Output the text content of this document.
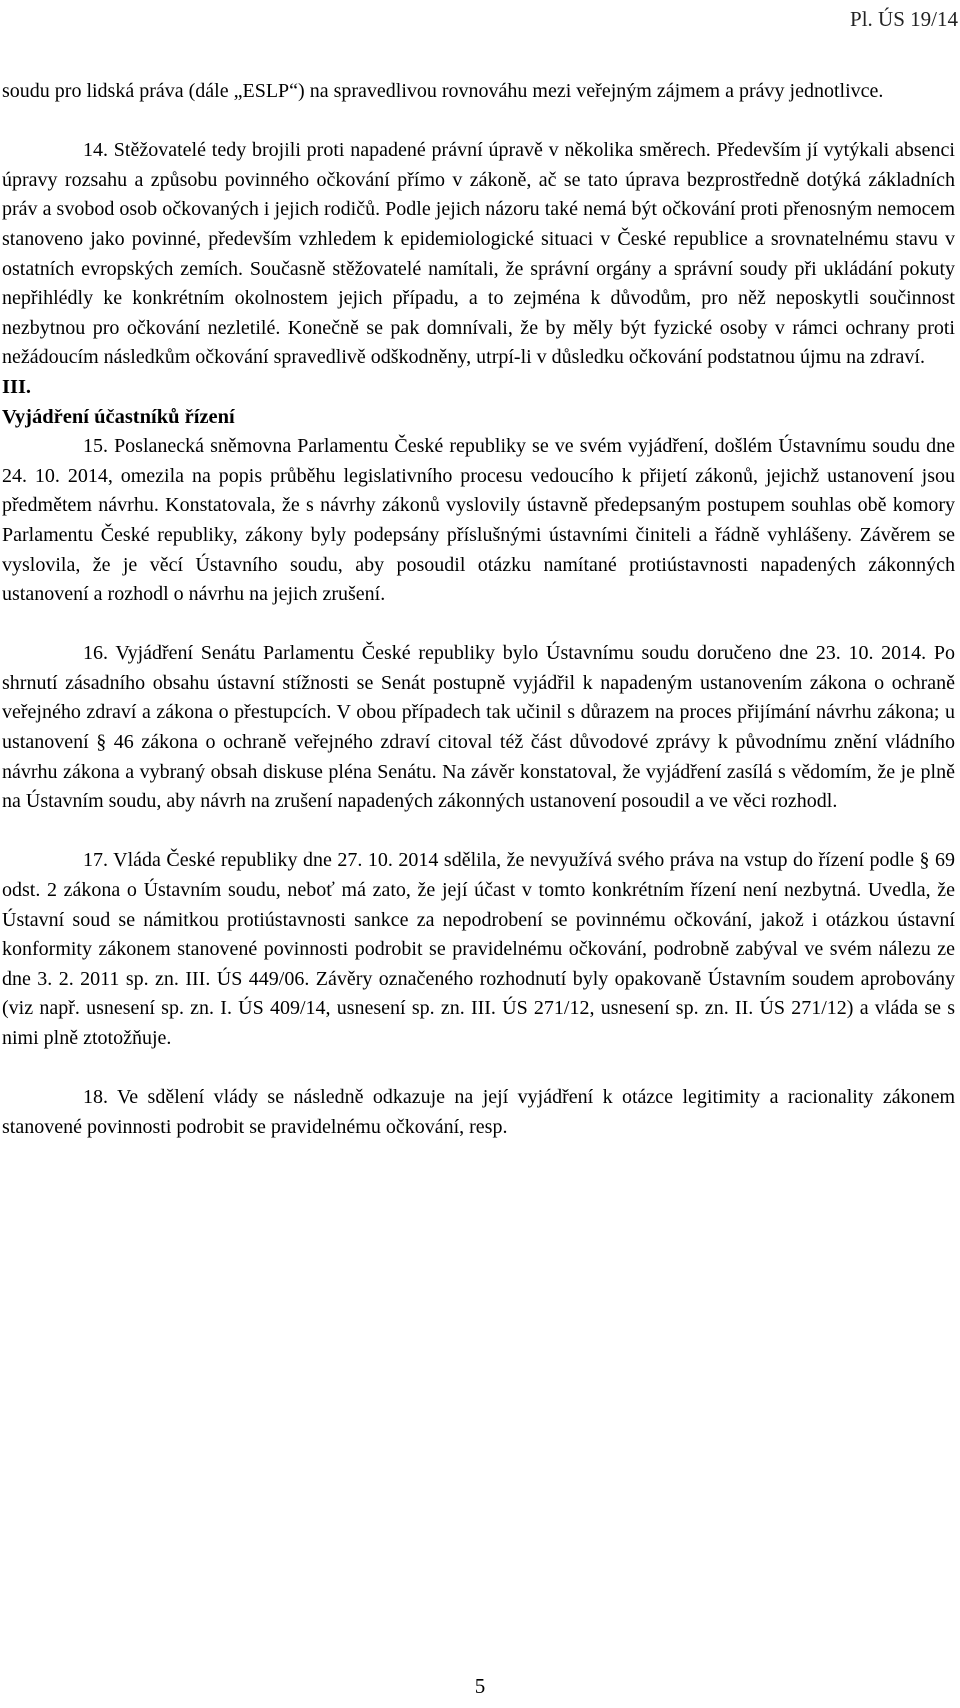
Pl. ÚS 19/14

soudu pro lidská práva (dále „ESLP“) na spravedlivou rovnováhu mezi veřejným zájmem a právy jednotlivce.

14. Stěžovatelé tedy brojili proti napadené právní úpravě v několika směrech. Především jí vytýkali absenci úpravy rozsahu a způsobu povinného očkování přímo v zákoně, ač se tato úprava bezprostředně dotýká základních práv a svobod osob očkovaných i jejich rodičů. Podle jejich názoru také nemá být očkování proti přenosným nemocem stanoveno jako povinné, především vzhledem k epidemiologické situaci v České republice a srovnatelnému stavu v ostatních evropských zemích. Současně stěžovatelé namítali, že správní orgány a správní soudy při ukládání pokuty nepřihlédly ke konkrétním okolnostem jejich případu, a to zejména k důvodům, pro něž neposkytli součinnost nezbytnou pro očkování nezletilé. Konečně se pak domnívali, že by měly být fyzické osoby v rámci ochrany proti nežádoucím následkům očkování spravedlivě odškodněny, utrpí-li v důsledku očkování podstatnou újmu na zdraví.

III.

Vyjádření účastníků řízení

15. Poslanecká sněmovna Parlamentu České republiky se ve svém vyjádření, došlém Ústavnímu soudu dne 24. 10. 2014, omezila na popis průběhu legislativního procesu vedoucího k přijetí zákonů, jejichž ustanovení jsou předmětem návrhu. Konstatovala, že s návrhy zákonů vyslovily ústavně předepsaným postupem souhlas obě komory Parlamentu České republiky, zákony byly podepsány příslušnými ústavními činiteli a řádně vyhlášeny. Závěrem se vyslovila, že je věcí Ústavního soudu, aby posoudil otázku namítané protiústavnosti napadených zákonných ustanovení a rozhodl o návrhu na jejich zrušení.

16. Vyjádření Senátu Parlamentu České republiky bylo Ústavnímu soudu doručeno dne 23. 10. 2014. Po shrnutí zásadního obsahu ústavní stížnosti se Senát postupně vyjádřil k napadeným ustanovením zákona o ochraně veřejného zdraví a zákona o přestupcích. V obou případech tak učinil s důrazem na proces přijímání návrhu zákona; u ustanovení § 46 zákona o ochraně veřejného zdraví citoval též část důvodové zprávy k původnímu znění vládního návrhu zákona a vybraný obsah diskuse pléna Senátu. Na závěr konstatoval, že vyjádření zasílá s vědomím, že je plně na Ústavním soudu, aby návrh na zrušení napadených zákonných ustanovení posoudil a ve věci rozhodl.

17. Vláda České republiky dne 27. 10. 2014 sdělila, že nevyužívá svého práva na vstup do řízení podle § 69 odst. 2 zákona o Ústavním soudu, neboť má zato, že její účast v tomto konkrétním řízení není nezbytná. Uvedla, že Ústavní soud se námitkou protiústavnosti sankce za nepodrobení se povinnému očkování, jakož i otázkou ústavní konformity zákonem stanovené povinnosti podrobit se pravidelnému očkování, podrobně zabýval ve svém nálezu ze dne 3. 2. 2011 sp. zn. III. ÚS 449/06. Závěry označeného rozhodnutí byly opakovaně Ústavním soudem aprobovány (viz např. usnesení sp. zn. I. ÚS 409/14, usnesení sp. zn. III. ÚS 271/12, usnesení sp. zn. II. ÚS 271/12) a vláda se s nimi plně ztotožňuje.

18. Ve sdělení vlády se následně odkazuje na její vyjádření k otázce legitimity a racionality zákonem stanovené povinnosti podrobit se pravidelnému očkování, resp.

5
